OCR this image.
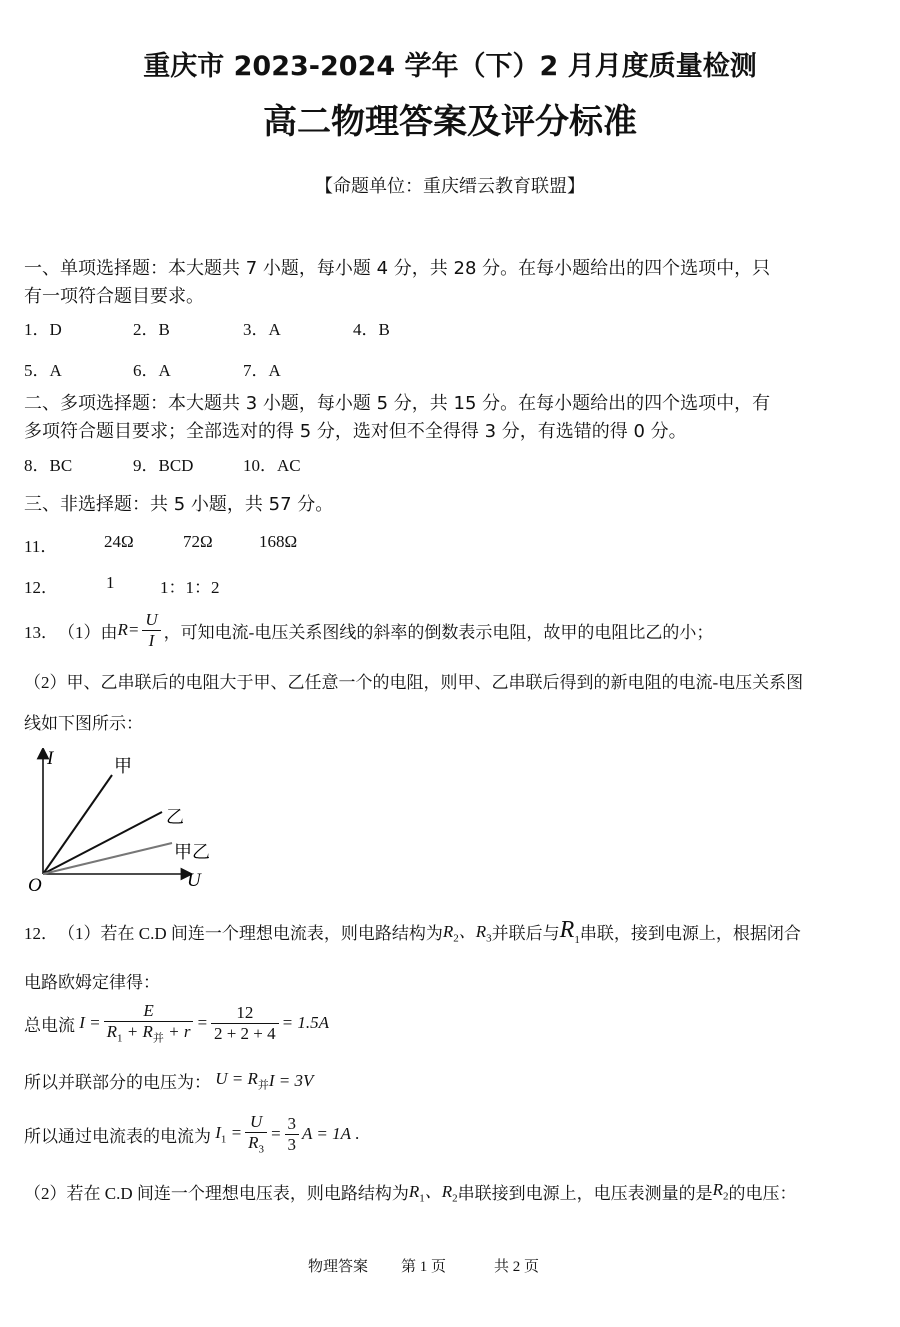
重庆市 2023-2024 学年（下）2 月月度质量检测
高二物理答案及评分标准
【命题单位：重庆缙云教育联盟】
一、单项选择题：本大题共 7 小题，每小题 4 分，共 28 分。在每小题给出的四个选项中，只
有一项符合题目要求。
1．D	2．B	3．A	4．B
5．A	6．A	7．A
二、多项选择题：本大题共 3 小题，每小题 5 分，共 15 分。在每小题给出的四个选项中，有
多项符合题目要求；全部选对的得 5 分，选对但不全得得 3 分，有选错的得 0 分。
8．BC	9．BCD	10．AC
三、非选择题：共 5 小题，共 57 分。
11．	24Ω	72Ω	168Ω
12．	1	1：1：2
13． （1）由 $R = \frac{U}{I}$ ，可知电流-电压关系图线的斜率的倒数表示电阻，故甲的电阻比乙的小；
（2）甲、乙串联后的电阻大于甲、乙任意一个的电阻，则甲、乙串联后得到的新电阻的电流-电压关系图
线如下图所示：
I
U
O
甲
乙
甲乙
12． （1）若在 C.D 间连一个理想电流表，则电路结构为 $R_2$、$R_3$ 并联后与 $R_1$ 串联，接到电源上，根据闭合
电路欧姆定律得：
总电流 $I = \frac{E}{R_1 + R_并 + r} = \frac{12}{2 + 2 + 4} = 1.5A$
所以并联部分的电压为： $U = R_并$ I = 3V
所以通过电流表的电流为 $I_1 = \frac{U}{R_3} = \frac{3}{3}$ A = 1A .
（2）若在 C.D 间连一个理想电压表，则电路结构为 $R_1$、$R_2$ 串联接到电源上，电压表测量的是 $R_2$ 的电压：
物理答案 第 1 页	共 2 页
